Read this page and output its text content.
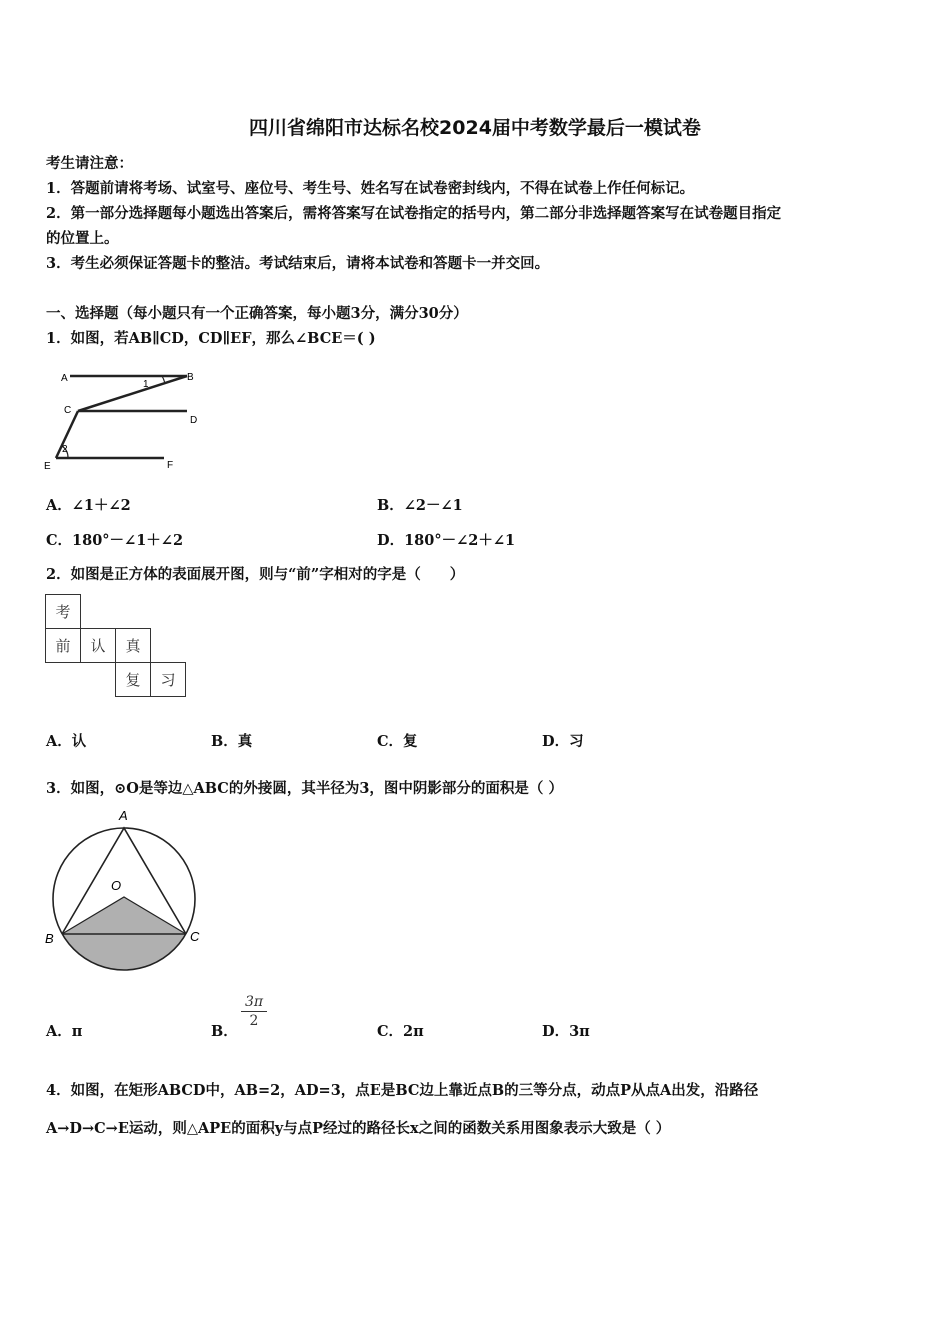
四川省绵阳市达标名校2024届中考数学最后一模试卷
考生请注意：
1．答题前请将考场、试室号、座位号、考生号、姓名写在试卷密封线内，不得在试卷上作任何标记。
2．第一部分选择题每小题选出答案后，需将答案写在试卷指定的括号内，第二部分非选择题答案写在试卷题目指定
的位置上。
3．考生必须保证答题卡的整洁。考试结束后，请将本试卷和答题卡一并交回。
一、选择题（每小题只有一个正确答案，每小题3分，满分30分）
1．如图，若AB∥CD，CD∥EF，那么∠BCE＝( )
A	B
C
D
E	F
1
2
A．∠1＋∠2	B．∠2－∠1
C．180°－∠1＋∠2	D．180°－∠2＋∠1
2．如图是正方体的表面展开图，则与“前”字相对的字是（　　）
考
前	认	真
复	习
A．认	B．真	C．复	D．习
3．如图，⊙O是等边△ABC的外接圆，其半径为3，图中阴影部分的面积是（ ）
A
B	C
O
A．π	B．
$\frac{3\pi}{2}$
C．2π	D．3π
4．如图，在矩形ABCD中，AB=2，AD=3，点E是BC边上靠近点B的三等分点，动点P从点A出发，沿路径
A→D→C→E运动，则△APE的面积y与点P经过的路径长x之间的函数关系用图象表示大致是（ ）
